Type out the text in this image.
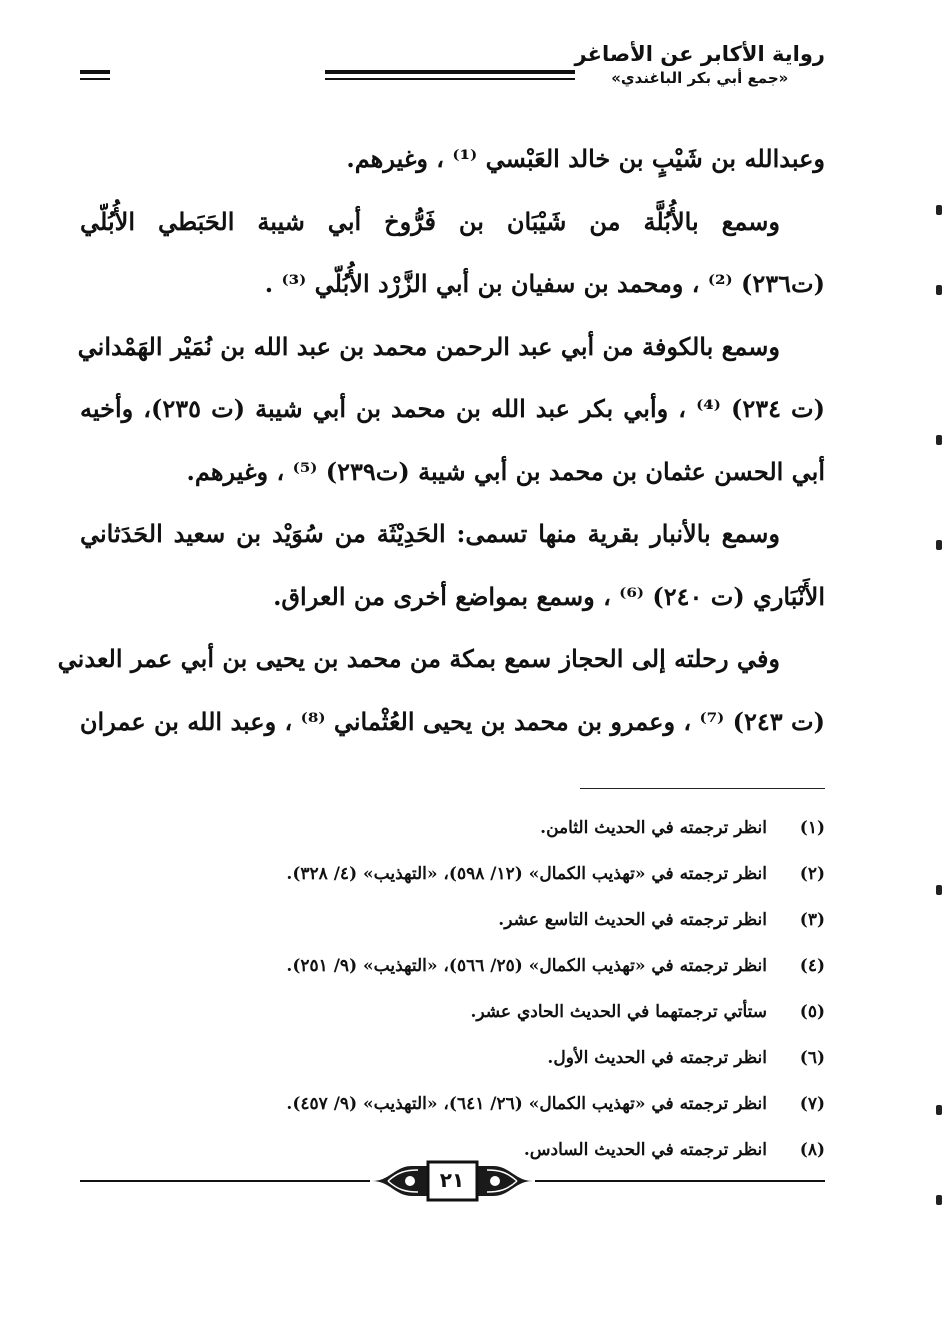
رواية الأكابر عن الأصاغر
«جمع أبي بكر الباغندي»
وعبدالله بن شَيْبٍ بن خالد العَبْسي ⁽¹⁾ ، وغيرهم.
وسمع بالأُبُلَّة من شَيْبَان بن فَرُّوخ أبي شيبة الحَبَطي الأُبُلّي
(ت٢٣٦) ⁽²⁾ ، ومحمد بن سفيان بن أبي الزَّرْد الأُبُلّي ⁽³⁾ .
وسمع بالكوفة من أبي عبد الرحمن محمد بن عبد الله بن نُمَيْر الهَمْداني
(ت ٢٣٤) ⁽⁴⁾ ، وأبي بكر عبد الله بن محمد بن أبي شيبة (ت ٢٣٥)، وأخيه
أبي الحسن عثمان بن محمد بن أبي شيبة (ت٢٣٩) ⁽⁵⁾ ، وغيرهم.
وسمع بالأنبار بقرية منها تسمى: الحَدِيْثَة من سُوَيْد بن سعيد الحَدَثاني
الأَنْبَاري (ت ٢٤٠) ⁽⁶⁾ ، وسمع بمواضع أخرى من العراق.
وفي رحلته إلى الحجاز سمع بمكة من محمد بن يحيى بن أبي عمر العدني
(ت ٢٤٣) ⁽⁷⁾ ، وعمرو بن محمد بن يحيى العُثْماني ⁽⁸⁾ ، وعبد الله بن عمران
(١)انظر ترجمته في الحديث الثامن.
(٢)انظر ترجمته في «تهذيب الكمال» (١٢/ ٥٩٨)، «التهذيب» (٤/ ٣٢٨).
(٣)انظر ترجمته في الحديث التاسع عشر.
(٤)انظر ترجمته في «تهذيب الكمال» (٢٥/ ٥٦٦)، «التهذيب» (٩/ ٢٥١).
(٥)ستأتي ترجمتهما في الحديث الحادي عشر.
(٦)انظر ترجمته في الحديث الأول.
(٧)انظر ترجمته في «تهذيب الكمال» (٢٦/ ٦٤١)، «التهذيب» (٩/ ٤٥٧).
(٨)انظر ترجمته في الحديث السادس.
٢١
